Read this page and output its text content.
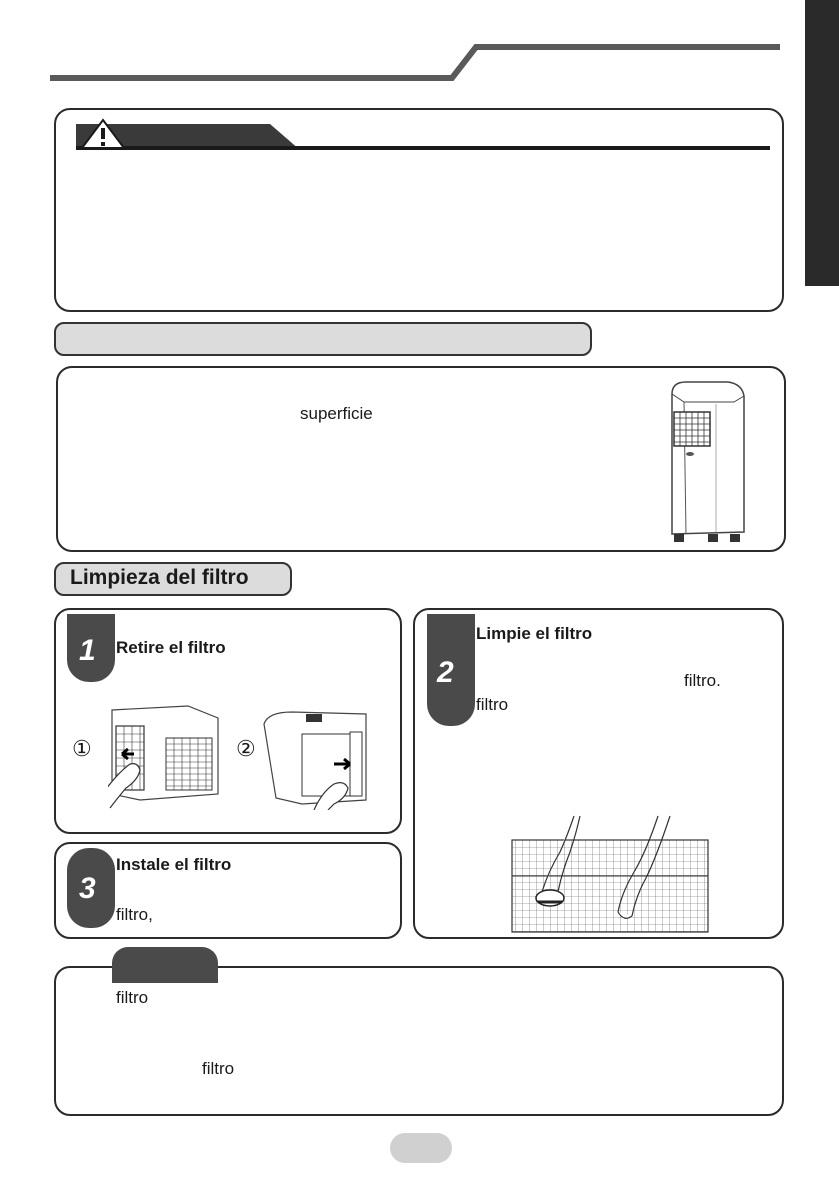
superficie
Limpieza del filtro
1 Retire el filtro
①	②
3
Instale el filtro
filtro,
2
Limpie el filtro
filtro.
filtro
filtro
filtro
